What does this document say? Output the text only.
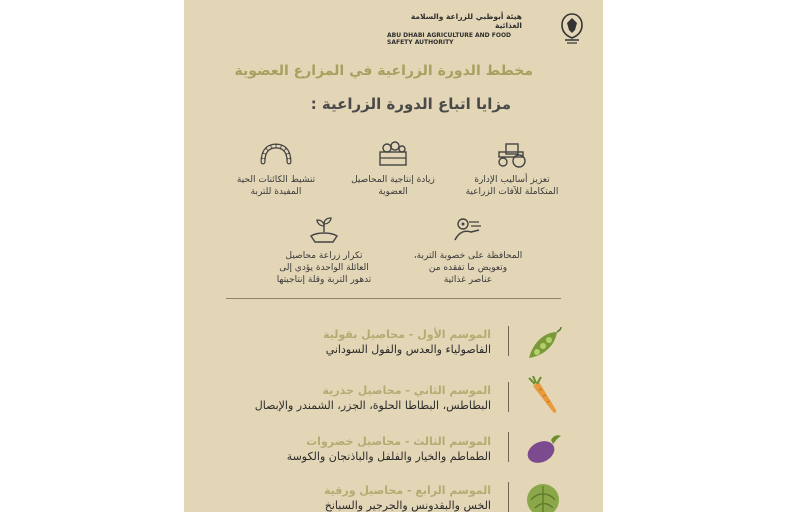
هيئة أبوظبي للزراعة والسلامة الغذائية
ABU DHABI AGRICULTURE AND FOOD
SAFETY AUTHORITY
مخطط الدورة الزراعية في المزارع العضوية
مزايا اتباع الدورة الزراعية :
تعزيز أساليب الإدارة
المتكاملة للآفات الزراعية
زيادة إنتاجية المحاصيل
العضوية
تنشيط الكائنات الحية
المفيدة للتربة
المحافظة على خصوبة التربة،
وتعويض ما تفقده من
عناصر غذائية
تكرار زراعة محاصيل
العائلة الواحدة يؤدي إلى
تدهور التربة وقلة إنتاجيتها
الموسم الأول - محاصيل بقولية
الفاصولياء والعدس والفول السوداني
الموسم الثاني - محاصيل جذرية
البطاطس، البطاطا الحلوة، الجزر، الشمندر والإبصال
الموسم الثالث - محاصيل خضروات
الطماطم والخيار والفلفل والباذنجان والكوسة
الموسم الرابع - محاصيل ورقية
الخس والبقدونس والجرجير والسبانخ
